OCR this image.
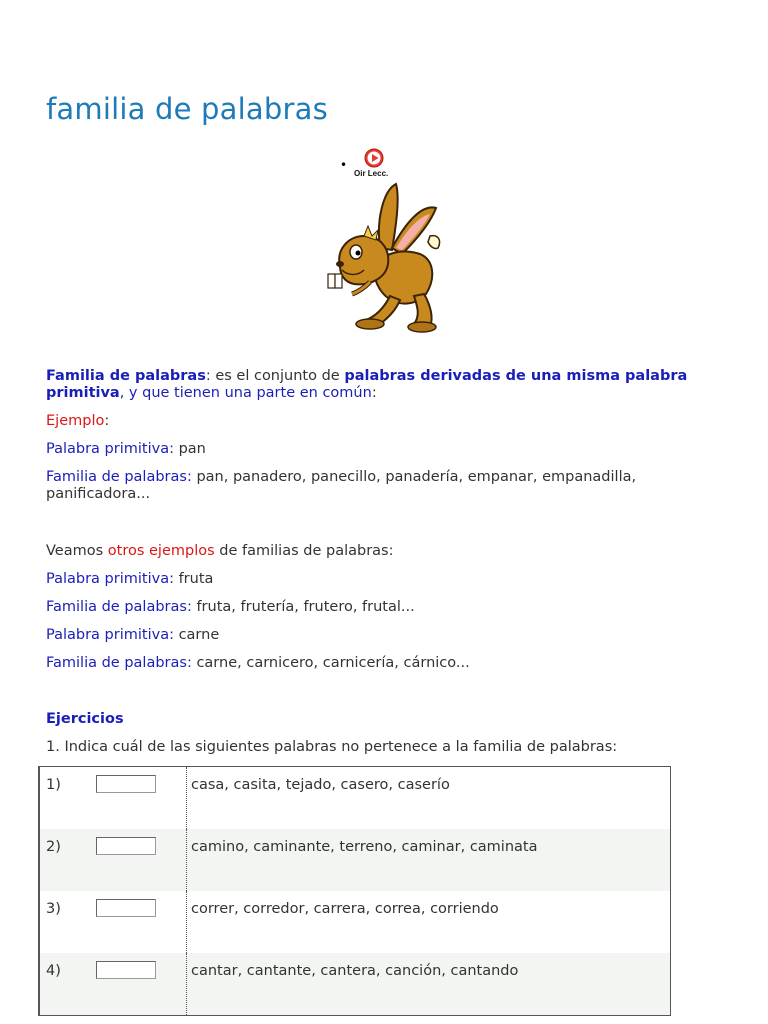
familia de palabras
•
Oir Lecc.
Familia de palabras: es el conjunto de palabras derivadas de una misma palabra primitiva, y que tienen una parte en común:
Ejemplo:
Palabra primitiva: pan
Familia de palabras: pan, panadero, panecillo, panadería, empanar, empanadilla, panificadora...
Veamos otros ejemplos de familias de palabras:
Palabra primitiva: fruta
Familia de palabras: fruta, frutería, frutero, frutal...
Palabra primitiva: carne
Familia de palabras: carne, carnicero, carnicería, cárnico...
Ejercicios
1. Indica cuál de las siguientes palabras no pertenece a la familia de palabras:
1)		casa, casita, tejado, casero, caserío
2)		camino, caminante, terreno, caminar, caminata
3)		correr, corredor, carrera, correa, corriendo
4)		cantar, cantante, cantera, canción, cantando
